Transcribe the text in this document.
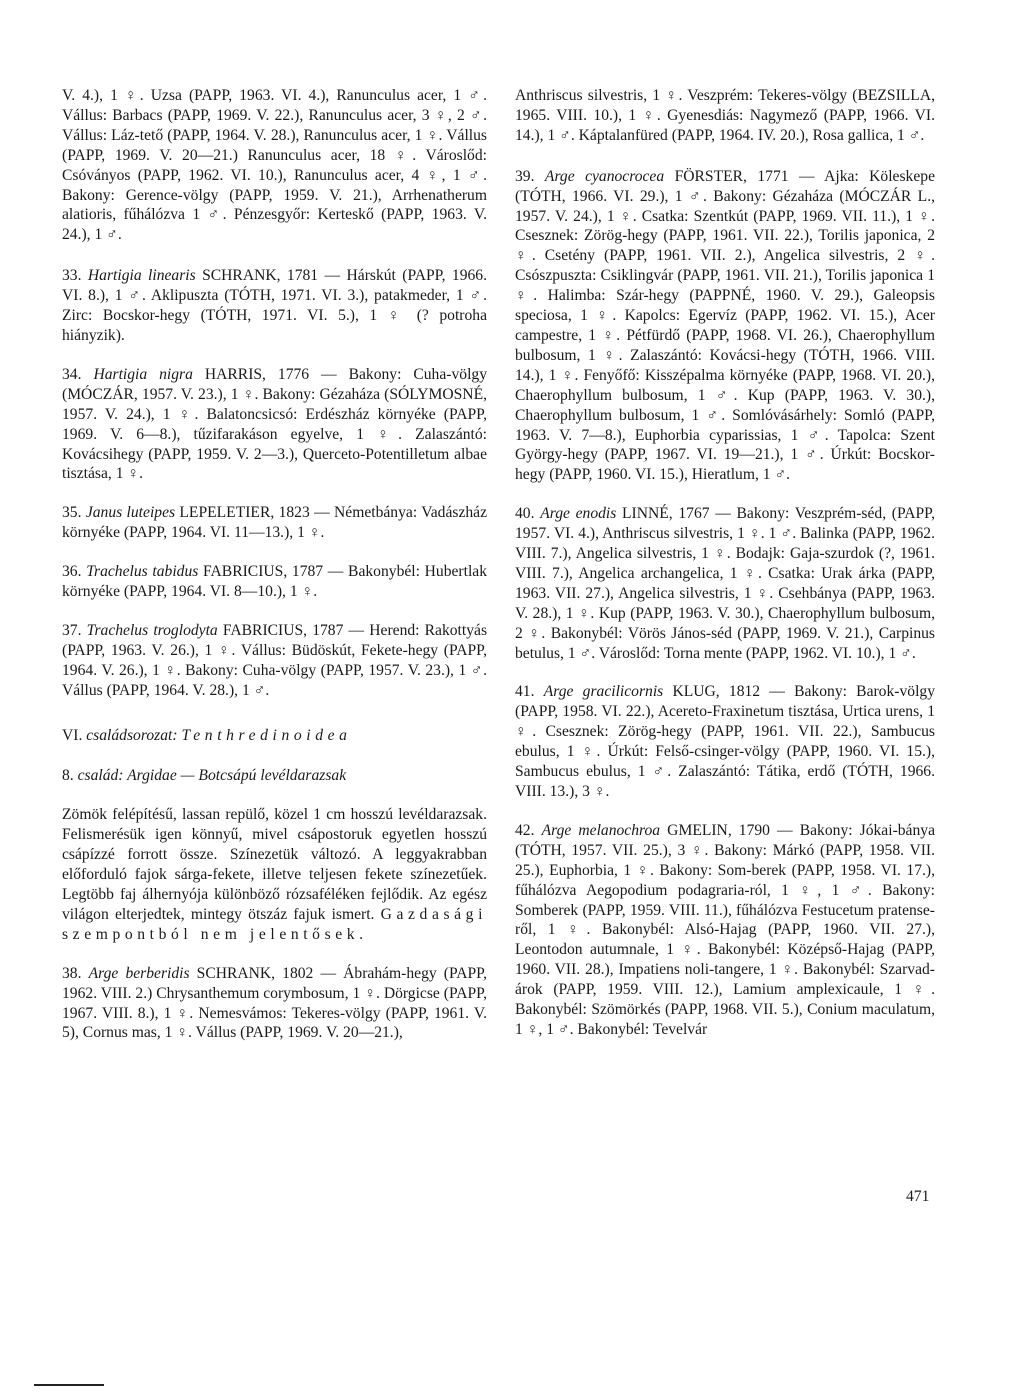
V. 4.), 1 ♀. Uzsa (PAPP, 1963. VI. 4.), Ranunculus acer, 1 ♂. Vállus: Barbacs (PAPP, 1969. V. 22.), Ranunculus acer, 3 ♀, 2 ♂. Vállus: Láz-tető (PAPP, 1964. V. 28.), Ranunculus acer, 1 ♀. Vállus (PAPP, 1969. V. 20—21.) Ranunculus acer, 18 ♀. Városlőd: Csóványos (PAPP, 1962. VI. 10.), Ranunculus acer, 4 ♀, 1 ♂. Bakony: Gerence-völgy (PAPP, 1959. V. 21.), Arrhenatherum alatioris, fűhálózva 1 ♂. Pénzesgyőr: Kerteskő (PAPP, 1963. V. 24.), 1 ♂.

33. Hartigia linearis SCHRANK, 1781 — Hárskút (PAPP, 1966. VI. 8.), 1 ♂. Aklipuszta (TÓTH, 1971. VI. 3.), patakmeder, 1 ♂. Zirc: Bocskor-hegy (TÓTH, 1971. VI. 5.), 1 ♀ (? potroha hiányzik).

34. Hartigia nigra HARRIS, 1776 — Bakony: Cuha-völgy (MÓCZÁR, 1957. V. 23.), 1 ♀. Bakony: Gézaháza (SÓLYMOSNÉ, 1957. V. 24.), 1 ♀. Balatoncsicsó: Erdészház környéke (PAPP, 1969. V. 6—8.), tűzifarakáson egyelve, 1 ♀. Zalaszántó: Kovácsihegy (PAPP, 1959. V. 2—3.), Querceto-Potentilletum albae tisztása, 1 ♀.

35. Janus luteipes LEPELETIER, 1823 — Németbánya: Vadászház környéke (PAPP, 1964. VI. 11—13.), 1 ♀.

36. Trachelus tabidus FABRICIUS, 1787 — Bakonybél: Hubertlak környéke (PAPP, 1964. VI. 8—10.), 1 ♀.

37. Trachelus troglodyta FABRICIUS, 1787 — Herend: Rakottyás (PAPP, 1963. V. 26.), 1 ♀. Vállus: Büdöskút, Fekete-hegy (PAPP, 1964. V. 26.), 1 ♀. Bakony: Cuha-völgy (PAPP, 1957. V. 23.), 1 ♂. Vállus (PAPP, 1964. V. 28.), 1 ♂.

VI. családsorozat: Tenthredinoidea

8. család: Argidae — Botcsápú levéldarazsak

Zömök felépítésű, lassan repülő, közel 1 cm hosszú levéldarazsak. Felismerésük igen könnyű, mivel csápostoruk egyetlen hosszú csápízzé forrott össze. Színezetük változó. A leggyakrabban előforduló fajok sárga-fekete, illetve teljesen fekete színezetűek. Legtöbb faj álhernyója különböző rózsaféléken fejlődik. Az egész világon elterjedtek, mintegy ötszáz fajuk ismert. Gazdasági szempontból nem jelentősek.

38. Arge berberidis SCHRANK, 1802 — Ábrahám-hegy (PAPP, 1962. VIII. 2.) Chrysanthemum corymbosum, 1 ♀. Dörgicse (PAPP, 1967. VIII. 8.), 1 ♀. Nemesvámos: Tekeres-völgy (PAPP, 1961. V. 5), Cornus mas, 1 ♀. Vállus (PAPP, 1969. V. 20—21.),

Anthriscus silvestris, 1 ♀. Veszprém: Tekeres-völgy (BEZSILLA, 1965. VIII. 10.), 1 ♀. Gyenesdiás: Nagymező (PAPP, 1966. VI. 14.), 1 ♂. Káptalanfüred (PAPP, 1964. IV. 20.), Rosa gallica, 1 ♂.

39. Arge cyanocrocea FÖRSTER, 1771 — Ajka: Köleskepe (TÓTH, 1966. VI. 29.), 1 ♂. Bakony: Gézaháza (MÓCZÁR L., 1957. V. 24.), 1 ♀. Csatka: Szentkút (PAPP, 1969. VII. 11.), 1 ♀. Csesznek: Zörög-hegy (PAPP, 1961. VII. 22.), Torilis japonica, 2 ♀. Csetény (PAPP, 1961. VII. 2.), Angelica silvestris, 2 ♀. Csószpuszta: Csiklingvár (PAPP, 1961. VII. 21.), Torilis japonica 1 ♀. Halimba: Szár-hegy (PAPPNÉ, 1960. V. 29.), Galeopsis speciosa, 1 ♀. Kapolcs: Egervíz (PAPP, 1962. VI. 15.), Acer campestre, 1 ♀. Pétfürdő (PAPP, 1968. VI. 26.), Chaerophyllum bulbosum, 1 ♀. Zalaszántó: Kovácsi-hegy (TÓTH, 1966. VIII. 14.), 1 ♀. Fenyőfő: Kisszépalma környéke (PAPP, 1968. VI. 20.), Chaerophyllum bulbosum, 1 ♂. Kup (PAPP, 1963. V. 30.), Chaerophyllum bulbosum, 1 ♂. Somlóvásárhely: Somló (PAPP, 1963. V. 7—8.), Euphorbia cyparissias, 1 ♂. Tapolca: Szent György-hegy (PAPP, 1967. VI. 19—21.), 1 ♂. Úrkút: Bocskor-hegy (PAPP, 1960. VI. 15.), Hieratlum, 1 ♂.

40. Arge enodis LINNÉ, 1767 — Bakony: Veszprém-séd, (PAPP, 1957. VI. 4.), Anthriscus silvestris, 1 ♀. 1 ♂. Balinka (PAPP, 1962. VIII. 7.), Angelica silvestris, 1 ♀. Bodajk: Gaja-szurdok (?, 1961. VIII. 7.), Angelica archangelica, 1 ♀. Csatka: Urak árka (PAPP, 1963. VII. 27.), Angelica silvestris, 1 ♀. Csehbánya (PAPP, 1963. V. 28.), 1 ♀. Kup (PAPP, 1963. V. 30.), Chaerophyllum bulbosum, 2 ♀. Bakonybél: Vörös János-séd (PAPP, 1969. V. 21.), Carpinus betulus, 1 ♂. Városlőd: Torna mente (PAPP, 1962. VI. 10.), 1 ♂.

41. Arge gracilicornis KLUG, 1812 — Bakony: Barok-völgy (PAPP, 1958. VI. 22.), Acereto-Fraxinetum tisztása, Urtica urens, 1 ♀. Csesznek: Zörög-hegy (PAPP, 1961. VII. 22.), Sambucus ebulus, 1 ♀. Úrkút: Felső-csinger-völgy (PAPP, 1960. VI. 15.), Sambucus ebulus, 1 ♂. Zalaszántó: Tátika, erdő (TÓTH, 1966. VIII. 13.), 3 ♀.

42. Arge melanochroa GMELIN, 1790 — Bakony: Jókai-bánya (TÓTH, 1957. VII. 25.), 3 ♀. Bakony: Márkó (PAPP, 1958. VII. 25.), Euphorbia, 1 ♀. Bakony: Som-berek (PAPP, 1958. VI. 17.), fűhálózva Aegopodium podagraria-ról, 1 ♀, 1 ♂. Bakony: Somberek (PAPP, 1959. VIII. 11.), fűhálózva Festucetum pratense-ről, 1 ♀. Bakonybél: Alsó-Hajag (PAPP, 1960. VII. 27.), Leontodon autumnale, 1 ♀. Bakonybél: Középső-Hajag (PAPP, 1960. VII. 28.), Impatiens noli-tangere, 1 ♀. Bakonybél: Szarvad-árok (PAPP, 1959. VIII. 12.), Lamium amplexicaule, 1 ♀. Bakonybél: Szömörkés (PAPP, 1968. VII. 5.), Conium maculatum, 1 ♀, 1 ♂. Bakonybél: Tevelvár

471
